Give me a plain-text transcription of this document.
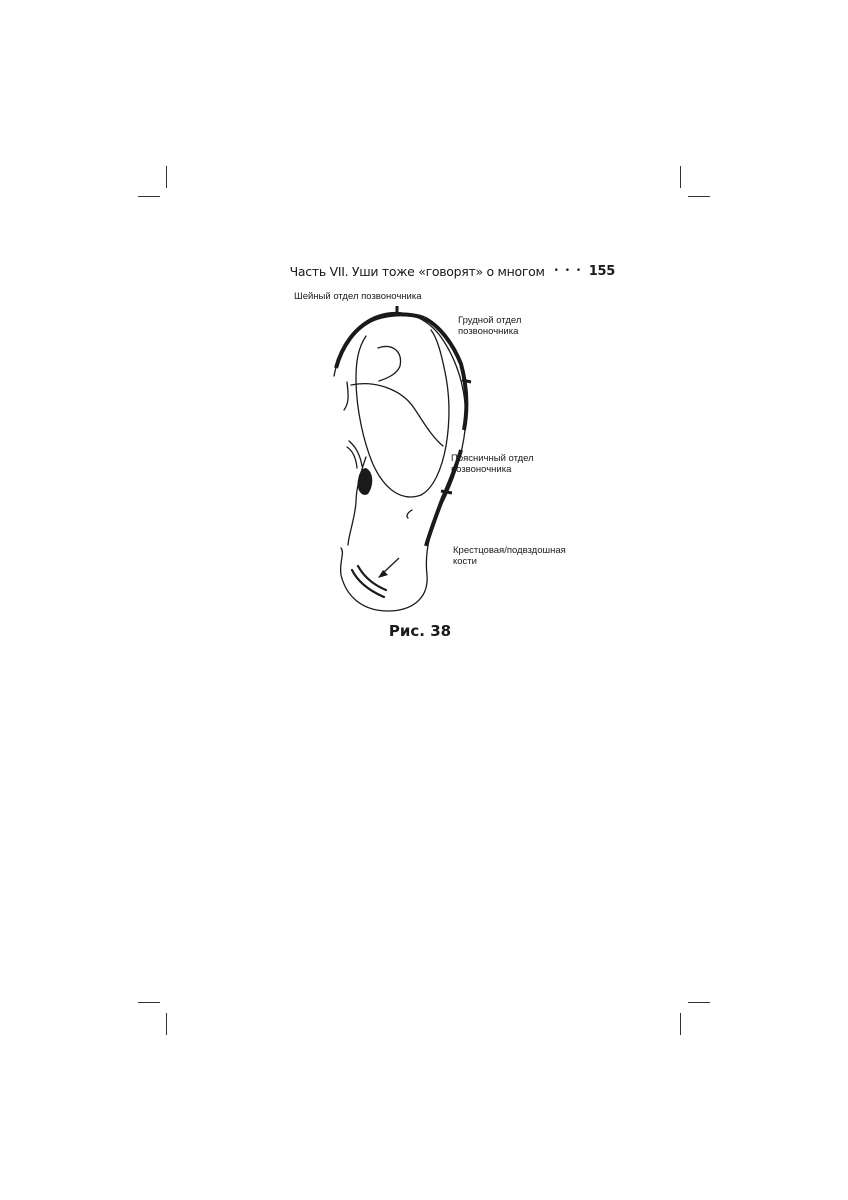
Часть VII. Уши тоже «говорят» о многом • • • 155
Шейный отдел позвоночника
Грудной отдел
позвоночника
Поясничный отдел
позвоночника
Крестцовая/подвздошная
кости
Рис. 38
